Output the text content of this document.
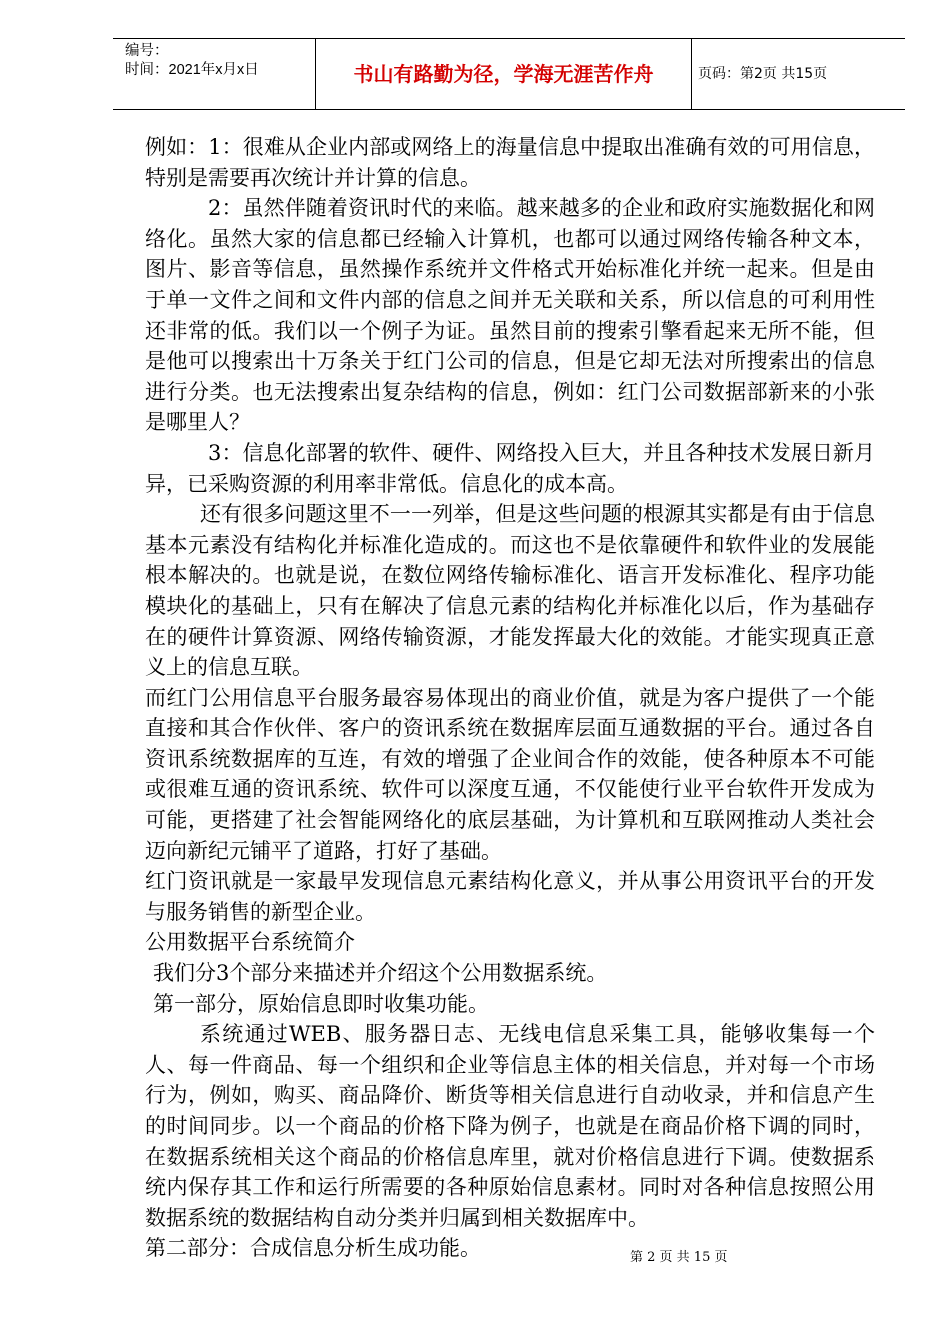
编号：
时间：2021年x月x日	书山有路勤为径，学海无涯苦作舟	页码：第2页 共15页

例如：1：很难从企业内部或网络上的海量信息中提取出准确有效的可用信息，特别是需要再次统计并计算的信息。

2：虽然伴随着资讯时代的来临。越来越多的企业和政府实施数据化和网络化。虽然大家的信息都已经输入计算机，也都可以通过网络传输各种文本，图片、影音等信息，虽然操作系统并文件格式开始标准化并统一起来。但是由于单一文件之间和文件内部的信息之间并无关联和关系，所以信息的可利用性还非常的低。我们以一个例子为证。虽然目前的搜索引擎看起来无所不能，但是他可以搜索出十万条关于红门公司的信息，但是它却无法对所搜索出的信息进行分类。也无法搜索出复杂结构的信息，例如：红门公司数据部新来的小张是哪里人？

3：信息化部署的软件、硬件、网络投入巨大，并且各种技术发展日新月异，已采购资源的利用率非常低。信息化的成本高。

还有很多问题这里不一一列举，但是这些问题的根源其实都是有由于信息基本元素没有结构化并标准化造成的。而这也不是依靠硬件和软件业的发展能根本解决的。也就是说，在数位网络传输标准化、语言开发标准化、程序功能模块化的基础上，只有在解决了信息元素的结构化并标准化以后，作为基础存在的硬件计算资源、网络传输资源，才能发挥最大化的效能。才能实现真正意义上的信息互联。

而红门公用信息平台服务最容易体现出的商业价值，就是为客户提供了一个能直接和其合作伙伴、客户的资讯系统在数据库层面互通数据的平台。通过各自资讯系统数据库的互连，有效的增强了企业间合作的效能，使各种原本不可能或很难互通的资讯系统、软件可以深度互通，不仅能使行业平台软件开发成为可能，更搭建了社会智能网络化的底层基础，为计算机和互联网推动人类社会迈向新纪元铺平了道路，打好了基础。

红门资讯就是一家最早发现信息元素结构化意义，并从事公用资讯平台的开发与服务销售的新型企业。

公用数据平台系统简介

我们分3个部分来描述并介绍这个公用数据系统。

第一部分，原始信息即时收集功能。

系统通过WEB、服务器日志、无线电信息采集工具，能够收集每一个人、每一件商品、每一个组织和企业等信息主体的相关信息，并对每一个市场行为，例如，购买、商品降价、断货等相关信息进行自动收录，并和信息产生的时间同步。以一个商品的价格下降为例子，也就是在商品价格下调的同时，在数据系统相关这个商品的价格信息库里，就对价格信息进行下调。使数据系统内保存其工作和运行所需要的各种原始信息素材。同时对各种信息按照公用数据系统的数据结构自动分类并归属到相关数据库中。

第二部分：合成信息分析生成功能。	第 2 页 共 15 页
